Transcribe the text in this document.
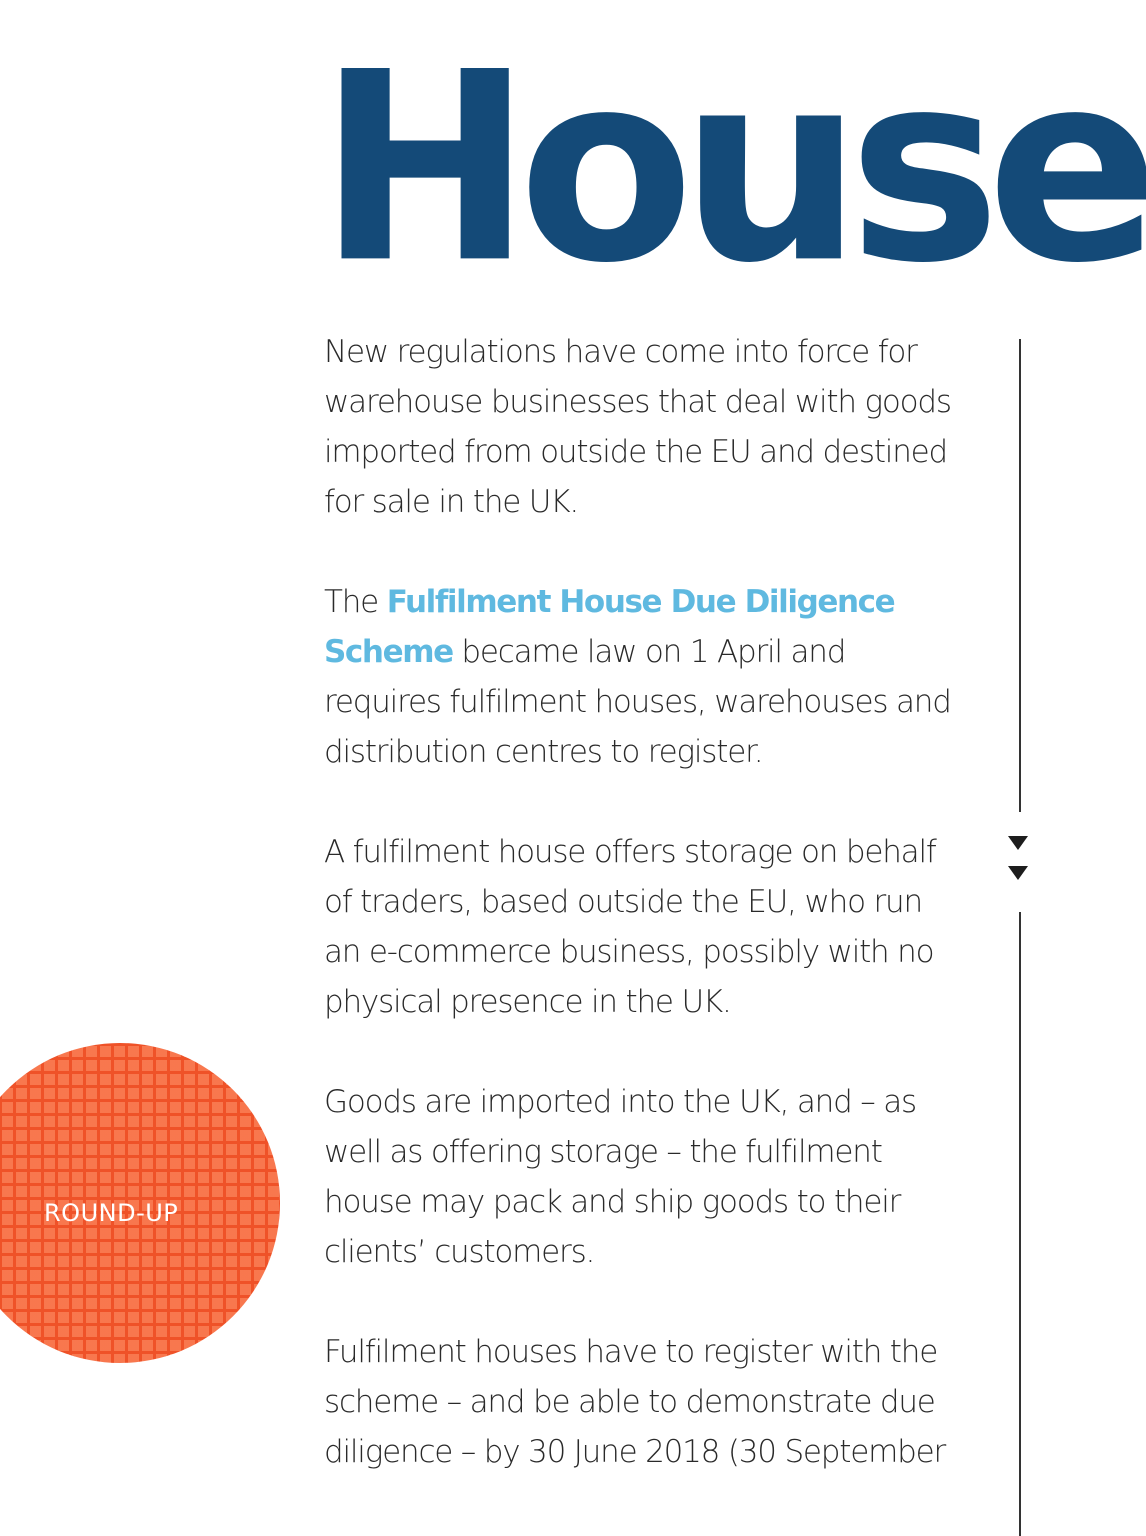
House

New regulations have come into force for
warehouse businesses that deal with goods
imported from outside the EU and destined
for sale in the UK.

The Fulfilment House Due Diligence
Scheme became law on 1 April and
requires fulfilment houses, warehouses and
distribution centres to register.

A fulfilment house offers storage on behalf
of traders, based outside the EU, who run
an e-commerce business, possibly with no
physical presence in the UK.

Goods are imported into the UK, and – as
well as offering storage – the fulfilment
house may pack and ship goods to their
clients’ customers.

Fulfilment houses have to register with the
scheme – and be able to demonstrate due
diligence – by 30 June 2018 (30 September

ROUND-UP
